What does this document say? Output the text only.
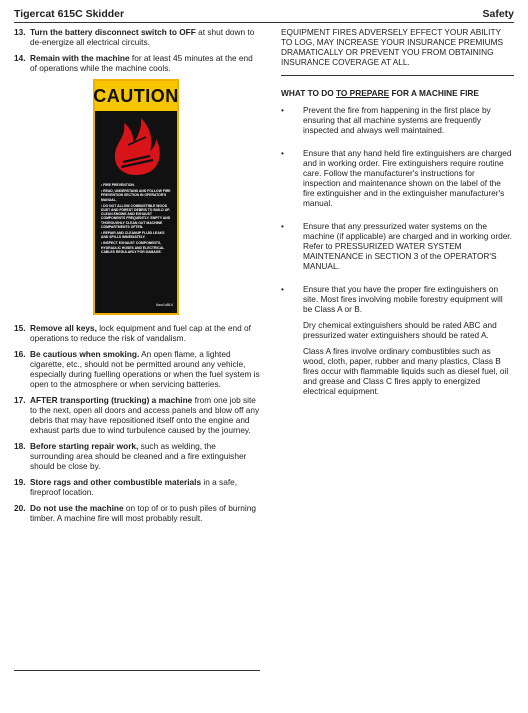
Tigercat 615C Skidder	Safety
13. Turn the battery disconnect switch to OFF at shut down to de-energize all electrical circuits.
14. Remain with the machine for at least 45 minutes at the end of operations while the machine cools.
CAUTION
• FIRE PREVENTION.
• READ, UNDERSTAND AND FOLLOW FIRE PREVENTION SECTION IN OPERATOR'S MANUAL.
• DO NOT ALLOW COMBUSTIBLE WOOD DUST AND FOREST DEBRIS TO BUILD UP. CLEAN ENGINE AND EXHAUST COMPONENTS FREQUENTLY. EMPTY AND THOROUGHLY CLEAN OUT MACHINE COMPARTMENTS OFTEN.
• REPAIR AND CLEANUP FLUID LEAKS AND SPILLS IMMEDIATELY.
• INSPECT EXHAUST COMPONENTS, HYDRAULIC HOSES AND ELECTRICAL CABLES REGULARLY FOR DAMAGE.
6ooo1o58-6
15. Remove all keys, lock equipment and fuel cap at the end of operations to reduce the risk of vandalism.
16. Be cautious when smoking. An open flame, a lighted cigarette, etc., should not be permitted around any vehicle, especially during fuelling operations or when the fuel system is open to the atmosphere or when servicing batteries.
17. AFTER transporting (trucking) a machine from one job site to the next, open all doors and access panels and blow off any debris that may have repositioned itself onto the engine and exhaust parts due to wind turbulence caused by the journey.
18. Before starting repair work, such as welding, the surrounding area should be cleaned and a fire extinguisher should be close by.
19. Store rags and other combustible materials in a safe, fireproof location.
20. Do not use the machine on top of or to push piles of burning timber. A machine fire will most probably result.
EQUIPMENT FIRES ADVERSELY EFFECT YOUR ABILITY TO LOG, MAY INCREASE YOUR INSURANCE PREMIUMS DRAMATICALLY OR PREVENT YOU FROM OBTAINING INSURANCE COVERAGE AT ALL.
WHAT TO DO TO PREPARE FOR A MACHINE FIRE
•	Prevent the fire from happening in the first place by ensuring that all machine systems are frequently inspected and always well maintained.

•	Ensure that any hand held fire extinguishers are charged and in working order. Fire extinguishers require routine care. Follow the manufacturer's instructions for inspection and maintenance shown on the label of the fire extinguisher and in the extinguisher manufacturer's manual.

•	Ensure that any pressurized water systems on the machine (if applicable) are charged and in working order. Refer to PRESSURIZED WATER SYSTEM MAINTENANCE in SECTION 3 of the OPERATOR'S MANUAL.

•	Ensure that you have the proper fire extinguishers on site. Most fires involving mobile forestry equipment will be Class A or B.

Dry chemical extinguishers should be rated ABC and pressurized water extinguishers should be rated A.

Class A fires involve ordinary combustibles such as wood, cloth, paper, rubber and many plastics, Class B fires occur with flammable liquids such as diesel fuel, oil and grease and Class C fires apply to energized electrical equipment.
